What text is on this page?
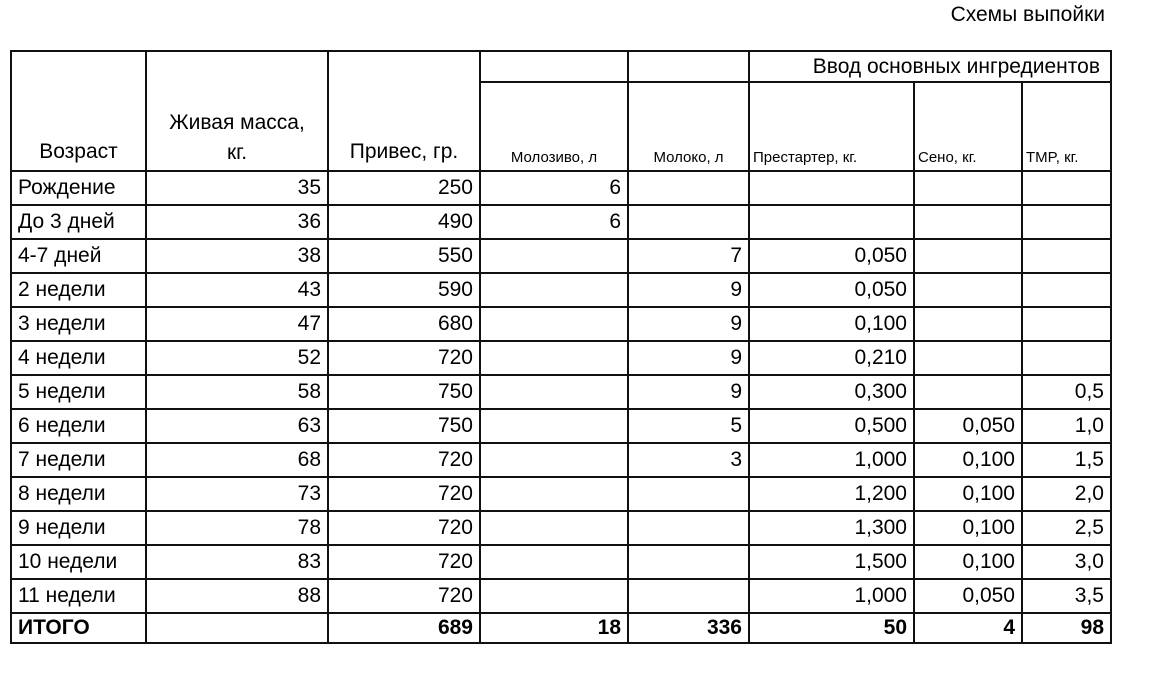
Схемы выпойки
Возраст	Живая масса, кг.	Привес, гр.			Ввод основных ингредиентов		
			Молозиво, л	Молоко, л	Престартер, кг.	Сено, кг.	TMP, кг.
Рождение	35	250	6				
До 3 дней	36	490	6				
4-7 дней	38	550		7	0,050		
2 недели	43	590		9	0,050		
3 недели	47	680		9	0,100		
4 недели	52	720		9	0,210		
5 недели	58	750		9	0,300		0,5
6 недели	63	750		5	0,500	0,050	1,0
7 недели	68	720		3	1,000	0,100	1,5
8 недели	73	720			1,200	0,100	2,0
9 недели	78	720			1,300	0,100	2,5
10 недели	83	720			1,500	0,100	3,0
11 недели	88	720			1,000	0,050	3,5
ИТОГО		689	18	336	50	4	98
